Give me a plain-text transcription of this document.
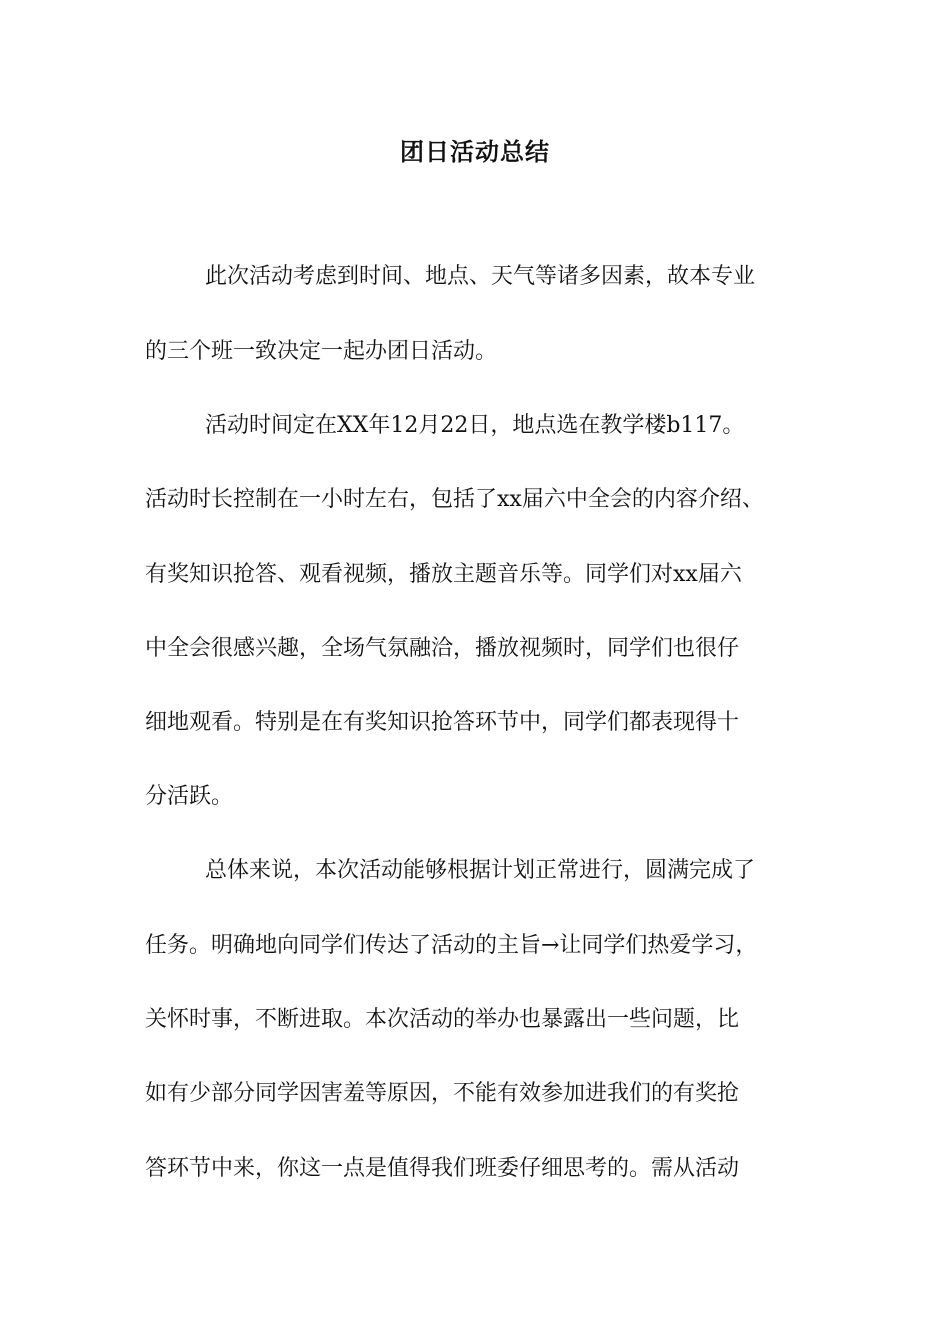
团日活动总结
此次活动考虑到时间、地点、天气等诸多因素，故本专业
的三个班一致决定一起办团日活动。
活动时间定在XX年12月22日，地点选在教学楼b117。
活动时长控制在一小时左右，包括了xx届六中全会的内容介绍、
有奖知识抢答、观看视频，播放主题音乐等。同学们对xx届六
中全会很感兴趣，全场气氛融洽，播放视频时，同学们也很仔
细地观看。特别是在有奖知识抢答环节中，同学们都表现得十
分活跃。
总体来说，本次活动能够根据计划正常进行，圆满完成了
任务。明确地向同学们传达了活动的主旨→让同学们热爱学习，
关怀时事，不断进取。本次活动的举办也暴露出一些问题，比
如有少部分同学因害羞等原因，不能有效参加进我们的有奖抢
答环节中来，你这一点是值得我们班委仔细思考的。需从活动
